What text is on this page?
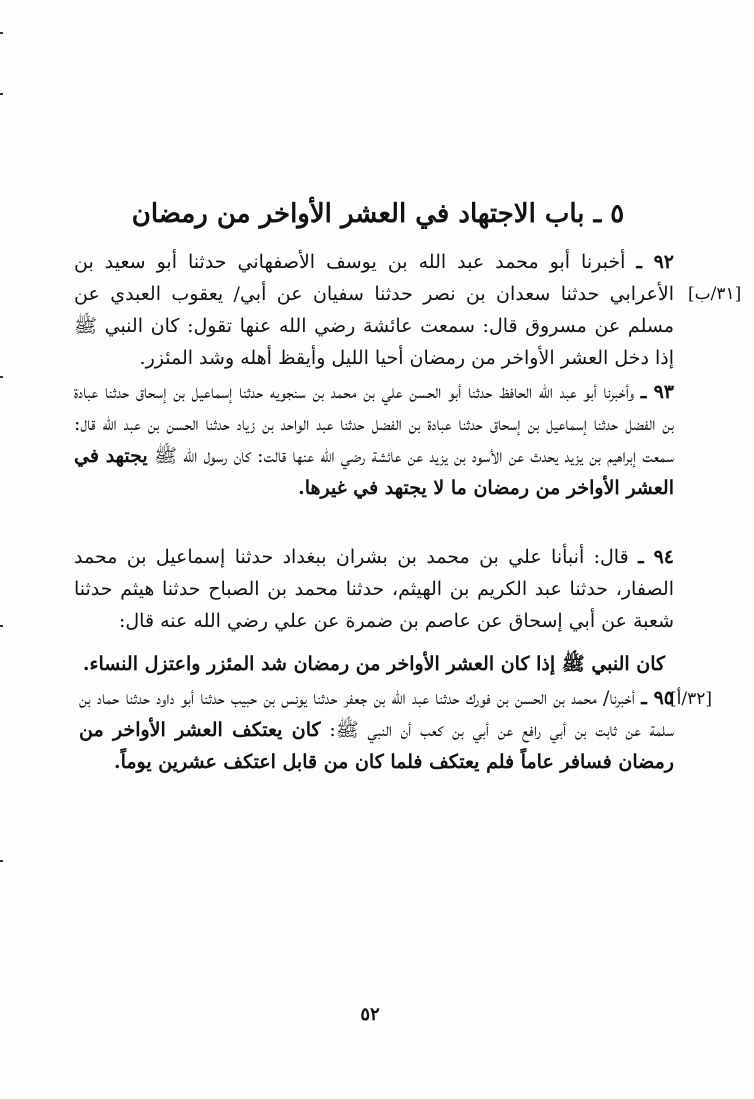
٥ ـ باب الاجتهاد في العشر الأواخر من رمضان
[٣١/ب]
٩٢ ـ أخبرنا أبو محمد عبد الله بن يوسف الأصفهاني حدثنا أبو سعيد بن الأعرابي حدثنا سعدان بن نصر حدثنا سفيان عن أبي/ يعقوب العبدي عن مسلم عن مسروق قال: سمعت عائشة رضي الله عنها تقول: كان النبي ﷺ إذا دخل العشر الأواخر من رمضان أحيا الليل وأيقظ أهله وشد المئزر.
٩٣ ـ وأخبرنا أبو عبد الله الحافظ حدثنا أبو الحسن علي بن محمد بن سنجويه حدثنا إسماعيل بن إسحاق حدثنا عبادة بن الفضل حدثنا إسماعيل بن إسحاق حدثنا عبادة بن الفضل حدثنا عبد الواحد بن زياد حدثنا الحسن بن عبد الله قال: سمعت إبراهيم بن يزيد يحدث عن الأسود بن يزيد عن عائشة رضي الله عنها قالت: كان رسول الله ﷺ يجتهد في العشر الأواخر من رمضان ما لا يجتهد في غيرها.
٩٤ ـ قال: أنبأنا علي بن محمد بن بشران ببغداد حدثنا إسماعيل بن محمد الصفار، حدثنا عبد الكريم بن الهيثم، حدثنا محمد بن الصباح حدثنا هيثم حدثنا شعبة عن أبي إسحاق عن عاصم بن ضمرة عن علي رضي الله عنه قال:
كان النبي ﷺ إذا كان العشر الأواخر من رمضان شد المئزر واعتزل النساء.
[٣٢/أ]
٩٥ ـ أخبرنا/ محمد بن الحسن بن فورك حدثنا عبد الله بن جعفر حدثنا يونس بن حبيب حدثنا أبو داود حدثنا حماد بن سلمة عن ثابت بن أبي رافع عن أبي بن كعب أن النبي ﷺ: كان يعتكف العشر الأواخر من رمضان فسافر عاماً فلم يعتكف فلما كان من قابل اعتكف عشرين يوماً.
٥٢
